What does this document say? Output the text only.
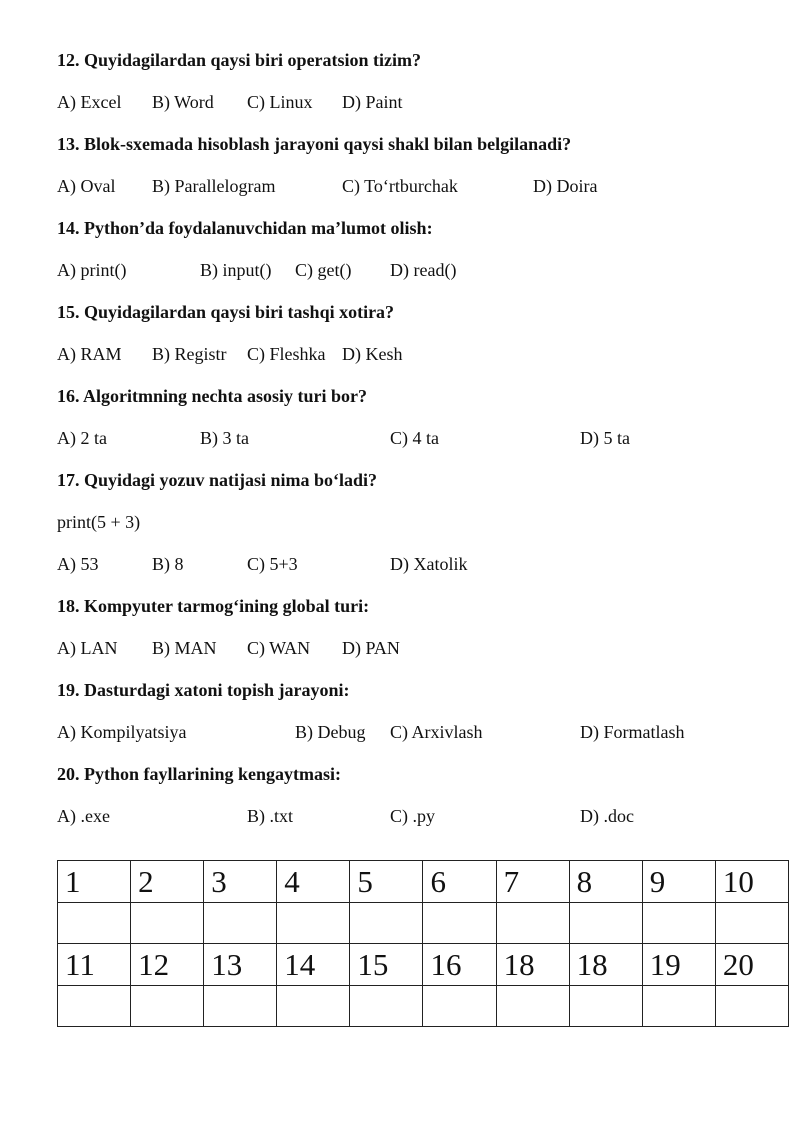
12. Quyidagilardan qaysi biri operatsion tizim?
A) Excel B) Word C) Linux D) Paint
13. Blok-sxemada hisoblash jarayoni qaysi shakl bilan belgilanadi?
A) Oval B) Parallelogram	C) To‘rtburchak	D) Doira
14. Python’da foydalanuvchidan ma’lumot olish:
A) print()	B) input() C) get() D) read()
15. Quyidagilardan qaysi biri tashqi xotira?
A) RAM B) Registr C) Fleshka D) Kesh
16. Algoritmning nechta asosiy turi bor?
A) 2 ta	B) 3 ta	C) 4 ta	D) 5 ta
17. Quyidagi yozuv natijasi nima bo‘ladi?
print(5 + 3)
A) 53	B) 8	C) 5+3	D) Xatolik
18. Kompyuter tarmog‘ining global turi:
A) LAN B) MAN C) WAN D) PAN
19. Dasturdagi xatoni topish jarayoni:
A) Kompilyatsiya	B) Debug C) Arxivlash	D) Formatlash
20. Python fayllarining kengaytmasi:
A) .exe	B) .txt	C) .py	D) .doc
1	2	3	4	5	6	7	8	9	10

11	12	13	14	15	16	18	18	19	20
